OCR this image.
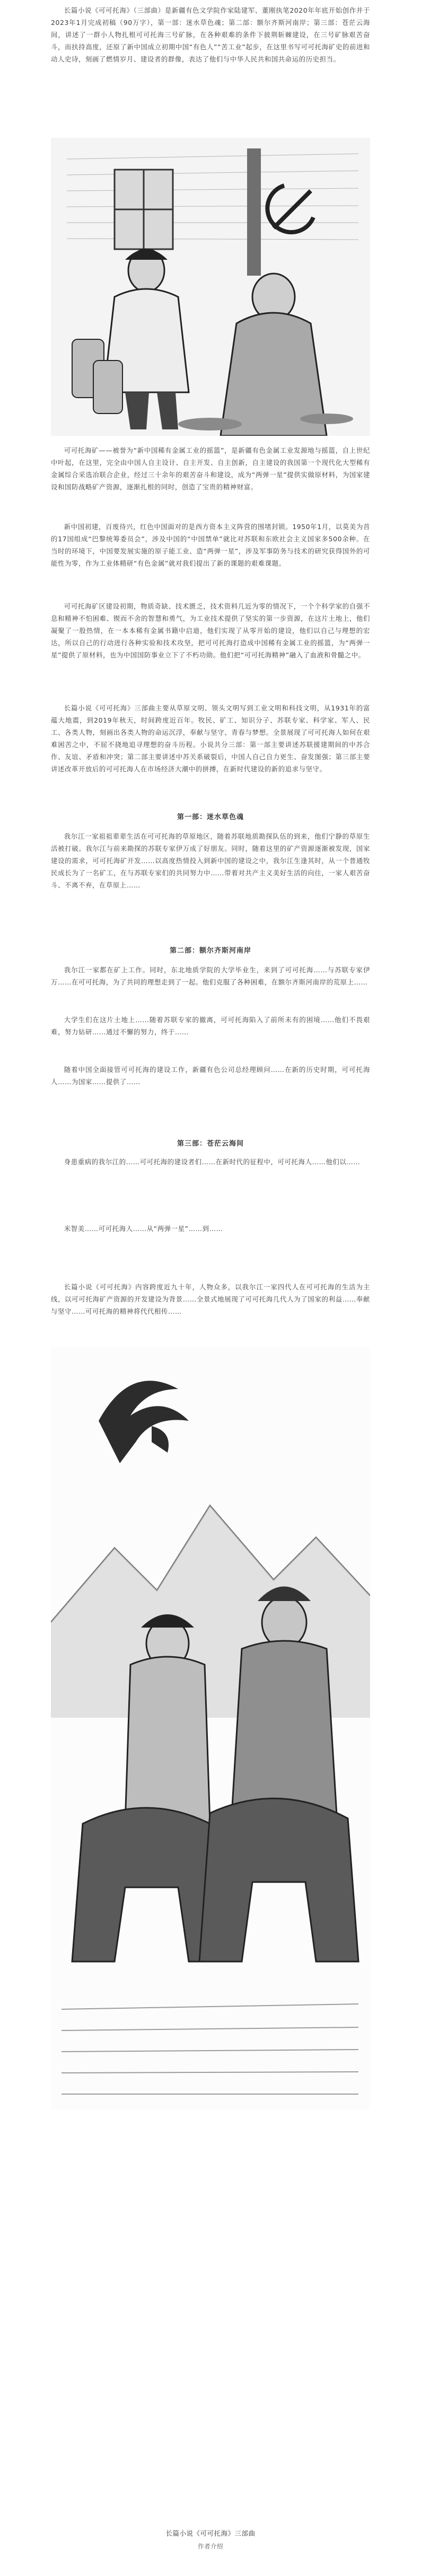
长篇小说《可可托海》（三部曲）是新疆有色文学院作家陆建军、董刚执笔2020年年底开始创作并于2023年1月完成初稿（90万字），第一部：迷水草色魂；第二部：额尔齐斯河南岸；第三部：苍茫云海间，讲述了一群小人物扎根可可托海三号矿脉，在各种艰难的条件下披荆斩棘建设，在三号矿脉艰苦奋斗，而扶持高度，还原了新中国成立初期中国“有色人”“苦工业”起步，在这里书写可可托海矿史的前进和动人史诗，刻画了燃情岁月、建设者的群像，表达了他们与中华人民共和国共命运的历史担当。

可可托海矿——被誉为“新中国稀有金属工业的摇篮”，是新疆有色金属工业发源地与摇篮，自上世纪中叶起，在这里，完全由中国人自主设计、自主开发、自主创新，自主建设的我国第一个现代化大型稀有金属综合采选冶联合企业，经过三十余年的艰苦奋斗和建设，成为“两弹一星”提供实做原材料，为国家建设和国防战略矿产资源，逐渐扎根的同时，创造了宝贵的精神财富。

新中国初建，百废待兴，红色中国面对的是西方资本主义阵营的围堵封锁。1950年1月，以莫美为首的17国组成“巴黎统筹委员会”，涉及中国的“中国禁单”就比对苏联和东欧社会主义国家多500余种。在当时的环境下，中国要发展实施的原子能工业、造“两弹一星”，涉及军事防务与技术的研究获得国外的可能性为零，作为工业体精研“有色金属”就对我们提出了新的课题的艰难课题。

可可托海矿区建设初期，物质奇缺、技术匮乏，技术资料几近为零的情况下，一个个科学家的自强不息和精神不怕困难、锲而不舍的智慧和勇气，为工业技术提供了坚实的第一步资源，在这片土地上，他们凝聚了一股热情，在一本本稀有金属书籍中启迪，他们实现了从零开始的建设，他们以自己与理想的宏达，所以自己的行动进行各种实验和技术攻坚，把可可托海打造成中国稀有金属工业的摇篮，为“两弹一星”提供了原材料，也为中国国防事业立下了不朽功勋。他们把“可可托海精神”融入了血液和骨髓之中。

长篇小说《可可托海》三部曲主要从草原文明、领头文明写到工业文明和科技文明，从1931年的富蕴大地震，到2019年秋天，时间跨度近百年。牧民、矿工、知识分子、苏联专家、科学家、军人、民工、各类人物，刻画出各类人物的命运沉浮，奉献与坚守、青春与梦想。全景展现了可可托海人如何在艰难困苦之中，不屈不挠地追寻理想的奋斗历程。小说共分三部：第一部主要讲述苏联援建期间的中苏合作、友谊、矛盾和冲突；第二部主要讲述中苏关系破裂后，中国人自己自力更生、奋发图强；第三部主要讲述改革开放后的可可托海人在市场经济大潮中的拼搏，在新时代建设的新的追求与坚守。

第一部：迷水草色魂

我尔江一家祖祖辈辈生活在可可托海的草原地区，随着苏联地质勘探队伍的到来，他们宁静的草原生活被打破。我尔江与前来勘探的苏联专家伊万成了好朋友。同时，随着这里的矿产资源逐渐被发现，国家建设的需求，可可托海矿开发……以高度热情投入到新中国的建设之中，我尔江生逢其时，从一个普通牧民成长为了一名矿工，在与苏联专家们的共同努力中……带着对共产主义美好生活的向往，一家人艰苦奋斗、不离不弃，在草原上……

第二部：额尔齐斯河南岸

我尔江一家都在矿上工作。同时，东北地质学院的大学毕业生，来到了可可托海……与苏联专家伊万……在可可托海，为了共同的理想走到了一起。他们克服了各种困难，在额尔齐斯河南岸的荒原上……

大学生们在这片土地上……随着苏联专家的撤离，可可托海陷入了前所未有的困境……他们不畏艰难，努力钻研……通过不懈的努力，终于……

随着中国全面接管可可托海的建设工作，新疆有色公司总经理顾问……在新的历史时期，可可托海人……为国家……提供了……

第三部：苍茫云海间

身患重病的我尔江的……可可托海的建设者们……在新时代的征程中，可可托海人……他们以……

米智美……可可托海人……从“两弹一星”……到……

长篇小说《可可托海》内容跨度近九十年，人物众多，以我尔江一家四代人在可可托海的生活为主线，以可可托海矿产资源的开发建设为背景……全景式地展现了可可托海几代人为了国家的利益……奉献与坚守……可可托海的精神将代代相传……

长篇小说《可可托海》三部曲
作者介绍
